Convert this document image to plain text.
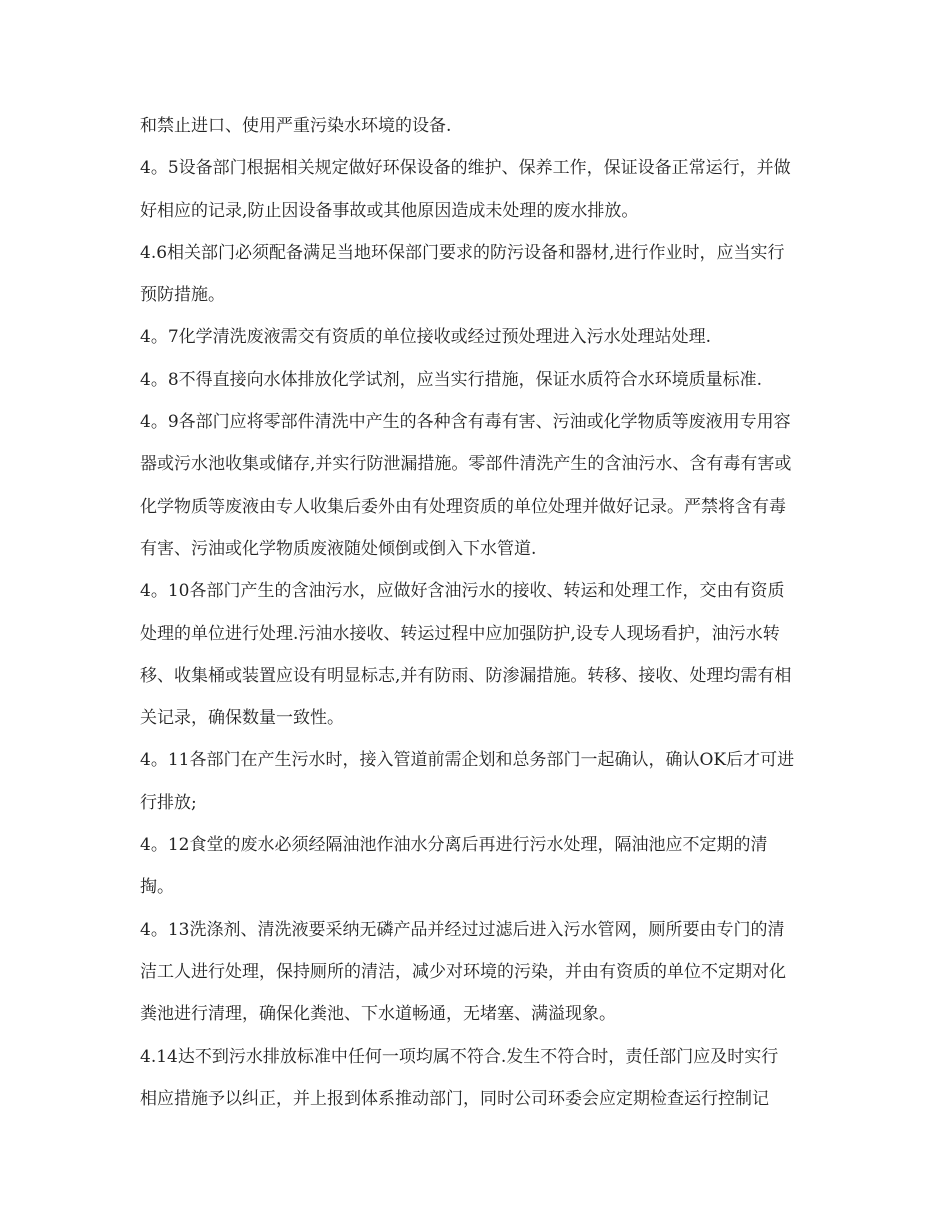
和禁止进口、使用严重污染水环境的设备.
4。5设备部门根据相关规定做好环保设备的维护、保养工作，保证设备正常运行，并做
好相应的记录,防止因设备事故或其他原因造成未处理的废水排放。
4.6相关部门必须配备满足当地环保部门要求的防污设备和器材,进行作业时，应当实行
预防措施。
4。7化学清洗废液需交有资质的单位接收或经过预处理进入污水处理站处理.
4。8不得直接向水体排放化学试剂，应当实行措施，保证水质符合水环境质量标准.
4。9各部门应将零部件清洗中产生的各种含有毒有害、污油或化学物质等废液用专用容
器或污水池收集或储存,并实行防泄漏措施。零部件清洗产生的含油污水、含有毒有害或
化学物质等废液由专人收集后委外由有处理资质的单位处理并做好记录。严禁将含有毒
有害、污油或化学物质废液随处倾倒或倒入下水管道.
4。10各部门产生的含油污水，应做好含油污水的接收、转运和处理工作，交由有资质
处理的单位进行处理.污油水接收、转运过程中应加强防护,设专人现场看护，油污水转
移、收集桶或装置应设有明显标志,并有防雨、防渗漏措施。转移、接收、处理均需有相
关记录，确保数量一致性。
4。11各部门在产生污水时，接入管道前需企划和总务部门一起确认，确认OK后才可进
行排放;
4。12食堂的废水必须经隔油池作油水分离后再进行污水处理，隔油池应不定期的清
掏。
4。13洗涤剂、清洗液要采纳无磷产品并经过过滤后进入污水管网，厕所要由专门的清
洁工人进行处理，保持厕所的清洁，减少对环境的污染，并由有资质的单位不定期对化
粪池进行清理，确保化粪池、下水道畅通，无堵塞、满溢现象。
4.14达不到污水排放标准中任何一项均属不符合.发生不符合时，责任部门应及时实行
相应措施予以纠正，并上报到体系推动部门，同时公司环委会应定期检查运行控制记
